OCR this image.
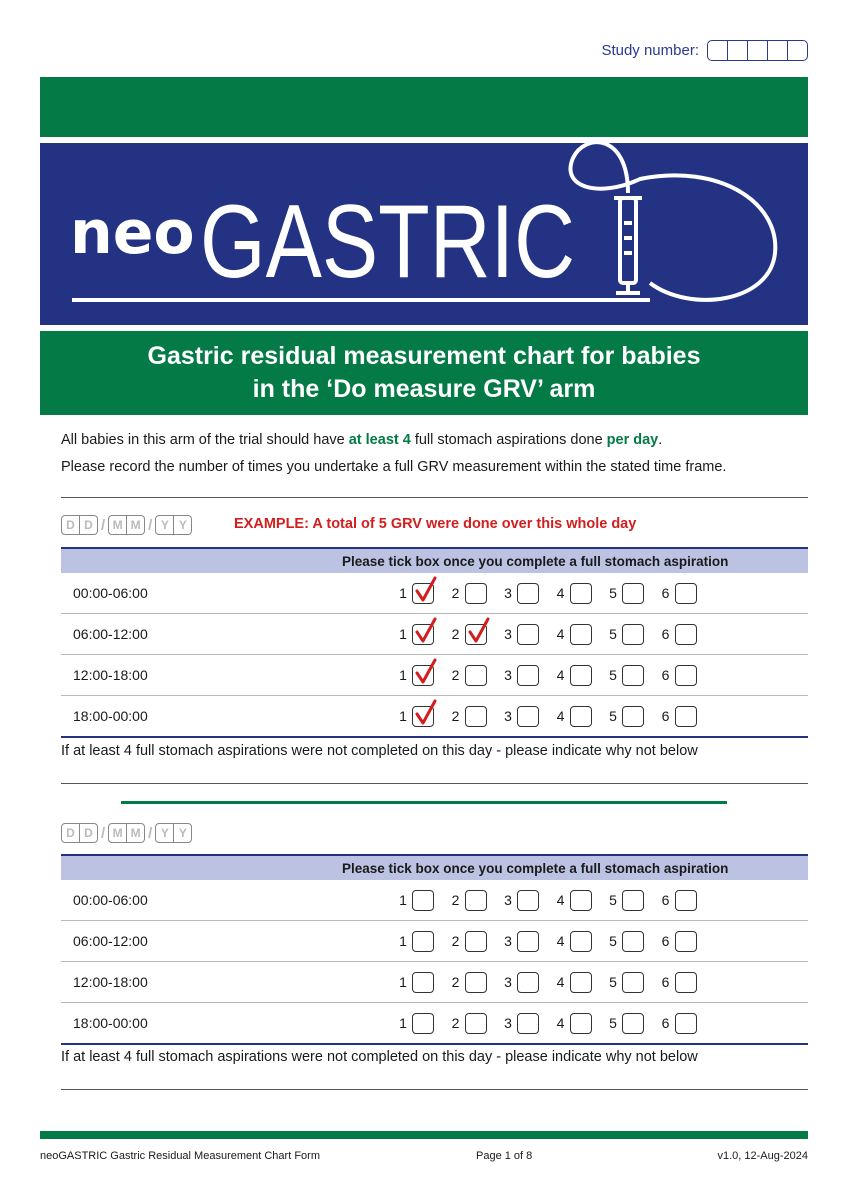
Study number:
neo GASTRIC
Gastric residual measurement chart for babies
in the ‘Do measure GRV’ arm
All babies in this arm of the trial should have at least 4 full stomach aspirations done per day.
Please record the number of times you undertake a full GRV measurement within the stated time frame.
D D / M M / Y Y	EXAMPLE: A total of 5 GRV were done over this whole day
Please tick box once you complete a full stomach aspiration
00:00-06:00	1	2	3	4	5	6
06:00-12:00	1	2	3	4	5	6
12:00-18:00	1	2	3	4	5	6
18:00-00:00	1	2	3	4	5	6
If at least 4 full stomach aspirations were not completed on this day - please indicate why not below
D D / M M / Y Y
Please tick box once you complete a full stomach aspiration
00:00-06:00	1	2	3	4	5	6
06:00-12:00	1	2	3	4	5	6
12:00-18:00	1	2	3	4	5	6
18:00-00:00	1	2	3	4	5	6
If at least 4 full stomach aspirations were not completed on this day - please indicate why not below
neoGASTRIC Gastric Residual Measurement Chart Form	Page 1 of 8	v1.0, 12-Aug-2024
